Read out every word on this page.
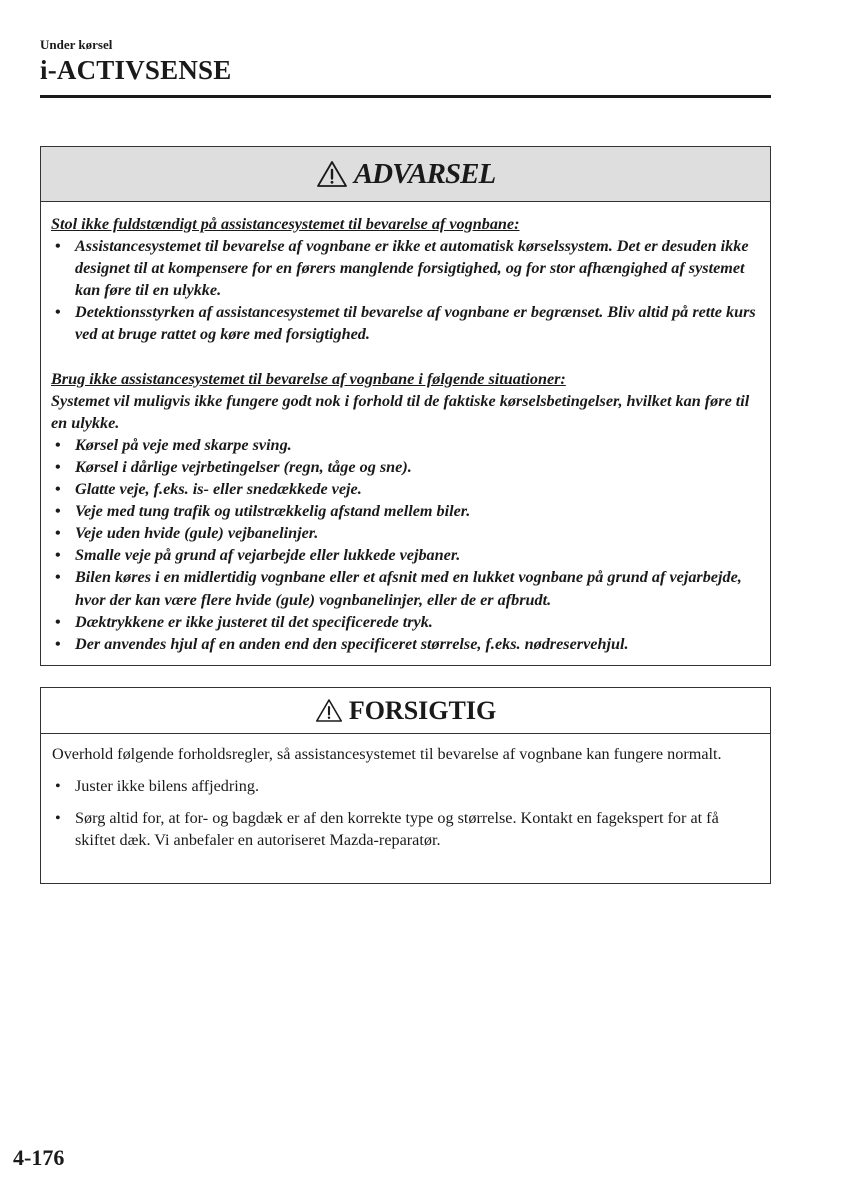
Under kørsel
i-ACTIVSENSE
ADVARSEL

Stol ikke fuldstændigt på assistancesystemet til bevarelse af vognbane:

• Assistancesystemet til bevarelse af vognbane er ikke et automatisk kørselssystem. Det er desuden ikke designet til at kompensere for en førers manglende forsigtighed, og for stor afhængighed af systemet kan føre til en ulykke.
• Detektionsstyrken af assistancesystemet til bevarelse af vognbane er begrænset. Bliv altid på rette kurs ved at bruge rattet og køre med forsigtighed.

Brug ikke assistancesystemet til bevarelse af vognbane i følgende situationer:

Systemet vil muligvis ikke fungere godt nok i forhold til de faktiske kørselsbetingelser, hvilket kan føre til en ulykke.

• Kørsel på veje med skarpe sving.
• Kørsel i dårlige vejrbetingelser (regn, tåge og sne).
• Glatte veje, f.eks. is- eller snedækkede veje.
• Veje med tung trafik og utilstrækkelig afstand mellem biler.
• Veje uden hvide (gule) vejbanelinjer.
• Smalle veje på grund af vejarbejde eller lukkede vejbaner.
• Bilen køres i en midlertidig vognbane eller et afsnit med en lukket vognbane på grund af vejarbejde, hvor der kan være flere hvide (gule) vognbanelinjer, eller de er afbrudt.
• Dæktrykkene er ikke justeret til det specificerede tryk.
• Der anvendes hjul af en anden end den specificeret størrelse, f.eks. nødreservehjul.
FORSIGTIG

Overhold følgende forholdsregler, så assistancesystemet til bevarelse af vognbane kan fungere normalt.

• Juster ikke bilens affjedring.
• Sørg altid for, at for- og bagdæk er af den korrekte type og størrelse. Kontakt en fagekspert for at få skiftet dæk. Vi anbefaler en autoriseret Mazda-reparatør.
4-176
